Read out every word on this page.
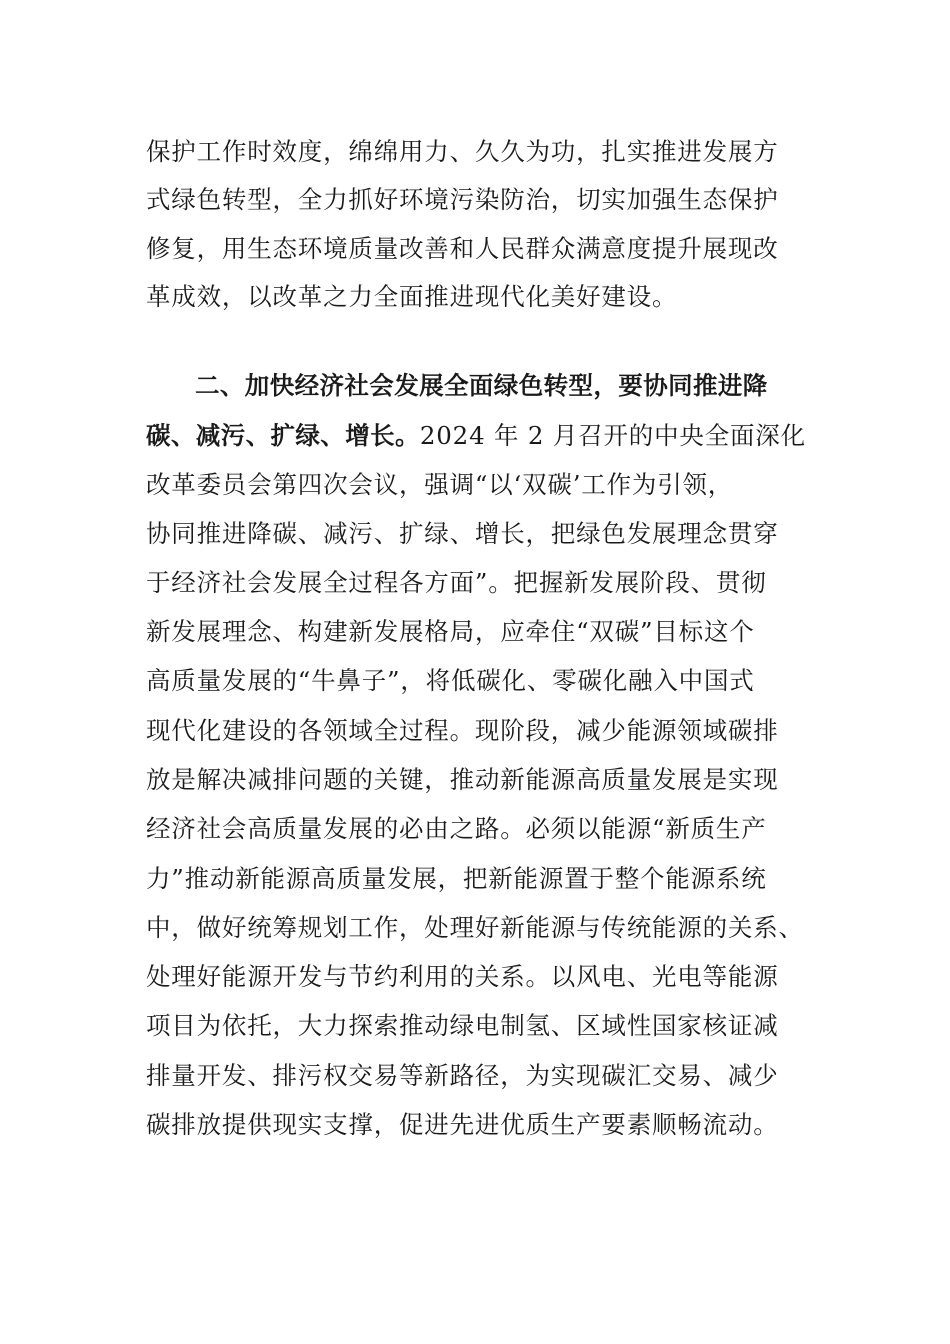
保护工作时效度，绵绵用力、久久为功，扎实推进发展方
式绿色转型，全力抓好环境污染防治，切实加强生态保护
修复，用生态环境质量改善和人民群众满意度提升展现改
革成效，以改革之力全面推进现代化美好建设。
二、加快经济社会发展全面绿色转型，要协同推进降
碳、减污、扩绿、增长。2024 年 2 月召开的中央全面深化
改革委员会第四次会议，强调“以‘双碳’工作为引领，
协同推进降碳、减污、扩绿、增长，把绿色发展理念贯穿
于经济社会发展全过程各方面”。把握新发展阶段、贯彻
新发展理念、构建新发展格局，应牵住“双碳”目标这个
高质量发展的“牛鼻子”，将低碳化、零碳化融入中国式
现代化建设的各领域全过程。现阶段，减少能源领域碳排
放是解决减排问题的关键，推动新能源高质量发展是实现
经济社会高质量发展的必由之路。必须以能源“新质生产
力”推动新能源高质量发展，把新能源置于整个能源系统
中，做好统筹规划工作，处理好新能源与传统能源的关系、
处理好能源开发与节约利用的关系。以风电、光电等能源
项目为依托，大力探索推动绿电制氢、区域性国家核证减
排量开发、排污权交易等新路径，为实现碳汇交易、减少
碳排放提供现实支撑，促进先进优质生产要素顺畅流动。
